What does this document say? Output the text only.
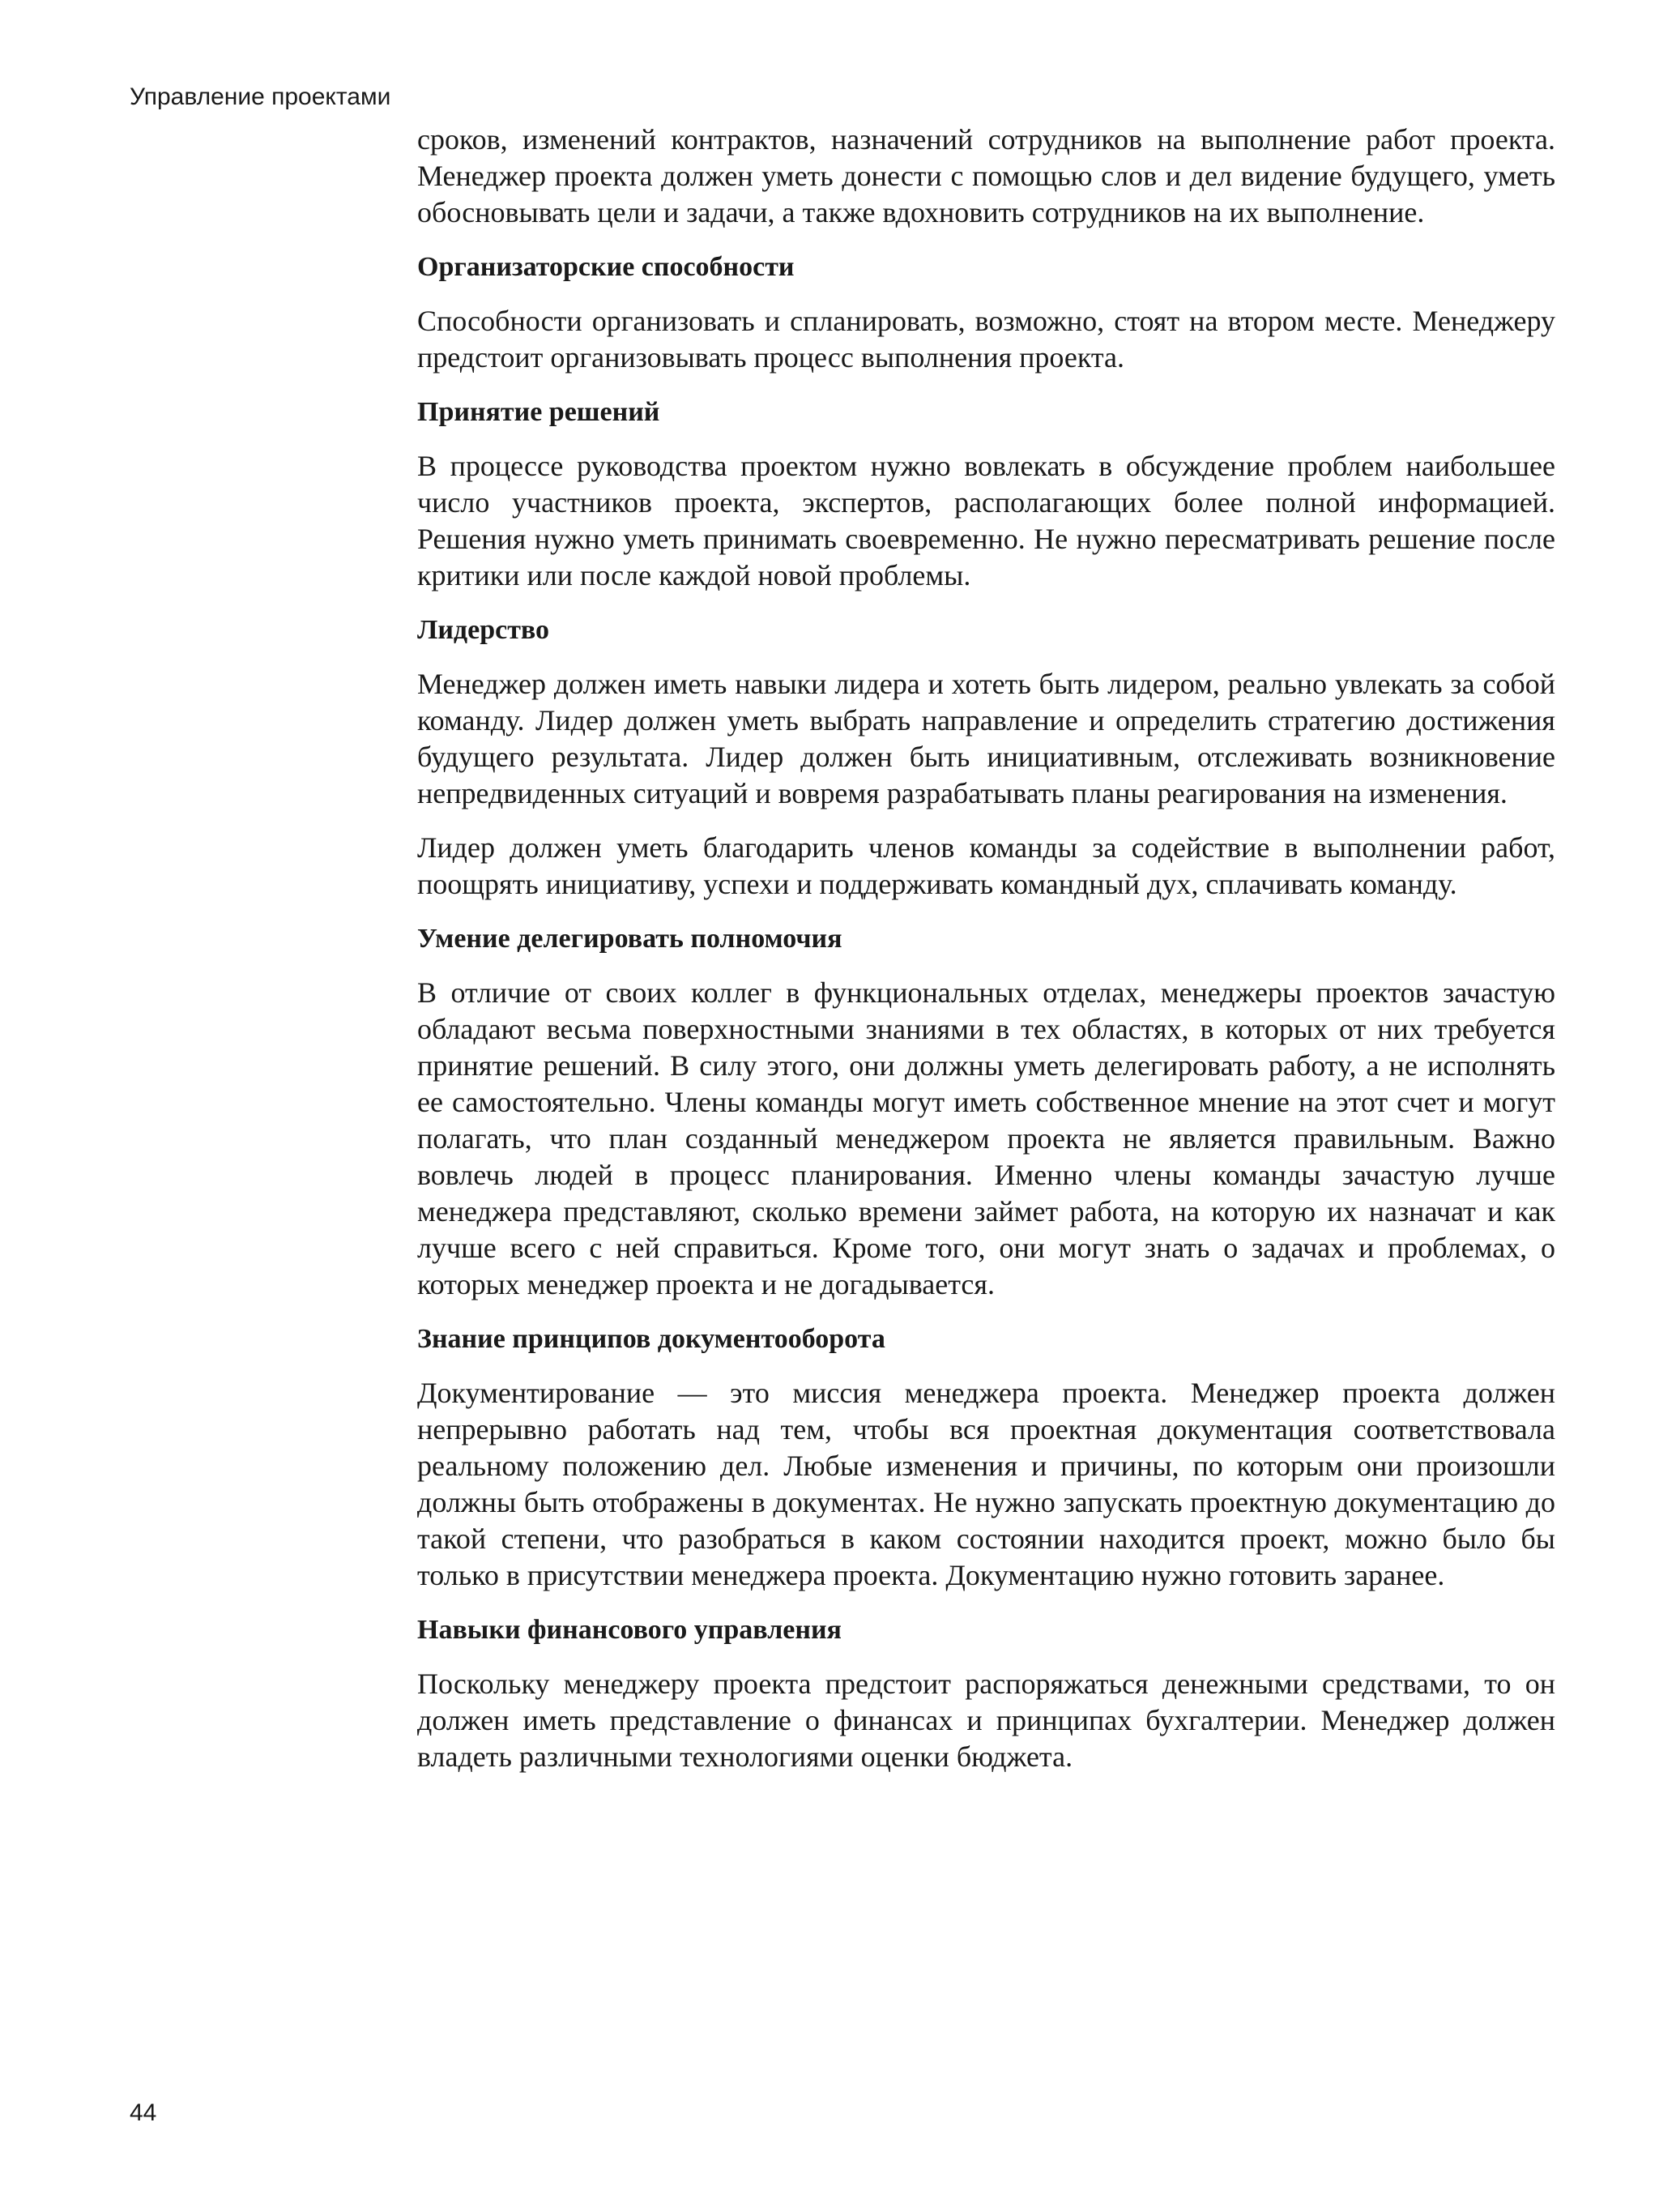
Управление проектами

сроков, изменений контрактов, назначений сотрудников на выполнение работ проекта. Менеджер проекта должен уметь донести с помощью слов и дел видение будущего, уметь обосновывать цели и задачи, а также вдохновить сотрудников на их выполнение.

Организаторские способности

Способности организовать и спланировать, возможно, стоят на втором месте. Менеджеру предстоит организовывать процесс выполнения проекта.

Принятие решений

В процессе руководства проектом нужно вовлекать в обсуждение проблем наибольшее число участников проекта, экспертов, располагающих более полной информацией. Решения нужно уметь принимать своевременно. Не нужно пересматривать решение после критики или после каждой новой проблемы.

Лидерство

Менеджер должен иметь навыки лидера и хотеть быть лидером, реально увлекать за собой команду. Лидер должен уметь выбрать направление и определить стратегию достижения будущего результата. Лидер должен быть инициативным, отслеживать возникновение непредвиденных ситуаций и вовремя разрабатывать планы реагирования на изменения.

Лидер должен уметь благодарить членов команды за содействие в выполнении работ, поощрять инициативу, успехи и поддерживать командный дух, сплачивать команду.

Умение делегировать полномочия

В отличие от своих коллег в функциональных отделах, менеджеры проектов зачастую обладают весьма поверхностными знаниями в тех областях, в которых от них требуется принятие решений. В силу этого, они должны уметь делегировать работу, а не исполнять ее самостоятельно. Члены команды могут иметь собственное мнение на этот счет и могут полагать, что план созданный менеджером проекта не является правильным. Важно вовлечь людей в процесс планирования. Именно члены команды зачастую лучше менеджера представляют, сколько времени займет работа, на которую их назначат и как лучше всего с ней справиться. Кроме того, они могут знать о задачах и проблемах, о которых менеджер проекта и не догадывается.

Знание принципов документооборота

Документирование — это миссия менеджера проекта. Менеджер проекта должен непрерывно работать над тем, чтобы вся проектная документация соответствовала реальному положению дел. Любые изменения и причины, по которым они произошли должны быть отображены в документах. Не нужно запускать проектную документацию до такой степени, что разобраться в каком состоянии находится проект, можно было бы только в присутствии менеджера проекта. Документацию нужно готовить заранее.

Навыки финансового управления

Поскольку менеджеру проекта предстоит распоряжаться денежными средствами, то он должен иметь представление о финансах и принципах бухгалтерии. Менеджер должен владеть различными технологиями оценки бюджета.

44
